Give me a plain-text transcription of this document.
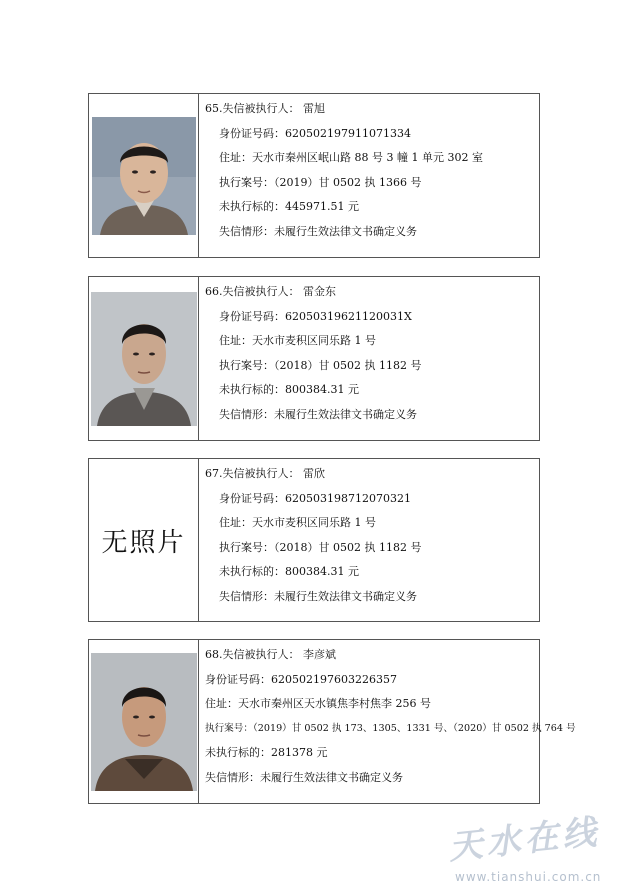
65.失信被执行人： 雷旭
身份证号码：620502197911071334
住址：天水市秦州区岷山路 88 号 3 幢 1 单元 302 室
执行案号：（2019）甘 0502 执 1366 号
未执行标的：445971.51 元
失信情形：未履行生效法律文书确定义务
66.失信被执行人： 雷金东
身份证号码：62050319621120031X
住址：天水市麦积区同乐路 1 号
执行案号：（2018）甘 0502 执 1182 号
未执行标的：800384.31 元
失信情形：未履行生效法律文书确定义务
无照片
67.失信被执行人： 雷欣
身份证号码：620503198712070321
住址：天水市麦积区同乐路 1 号
执行案号：（2018）甘 0502 执 1182 号
未执行标的：800384.31 元
失信情形：未履行生效法律文书确定义务
68.失信被执行人： 李彦斌
身份证号码：620502197603226357
住址：天水市秦州区天水镇焦李村焦李 256 号
执行案号：（2019）甘 0502 执 173、1305、1331 号、（2020）甘 0502 执 764 号
未执行标的：281378 元
失信情形：未履行生效法律文书确定义务
天水在线
www.tianshui.com.cn
